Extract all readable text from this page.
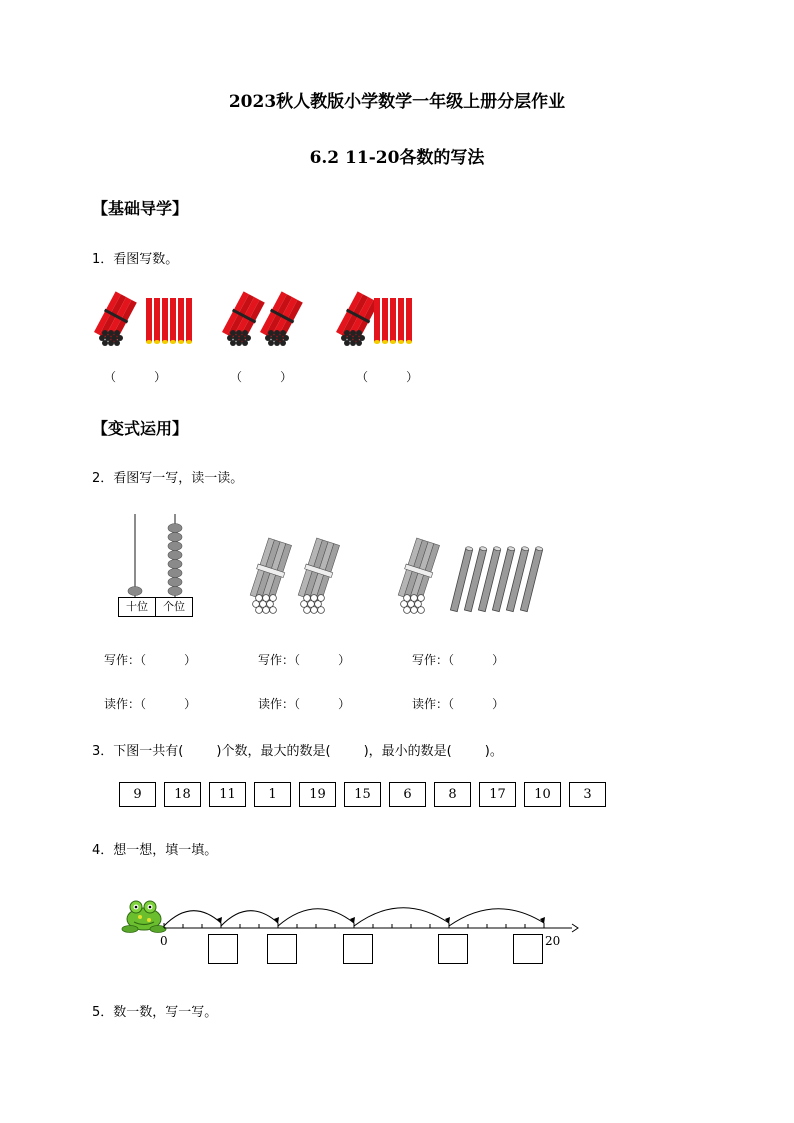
2023秋人教版小学数学一年级上册分层作业
6.2 11-20各数的写法
【基础导学】
1．看图写数。
（          ）	（          ）	（          ）
【变式运用】
2．看图写一写，读一读。
十位	个位
写作：（          ）	写作：（          ）	写作：（          ）
读作：（          ）	读作：（          ）	读作：（          ）
3．下图一共有(        )个数，最大的数是(        )，最小的数是(        )。
9	18	11	1	19	15	6	8	17	10	3
4．想一想，填一填。
0	20
5．数一数，写一写。
